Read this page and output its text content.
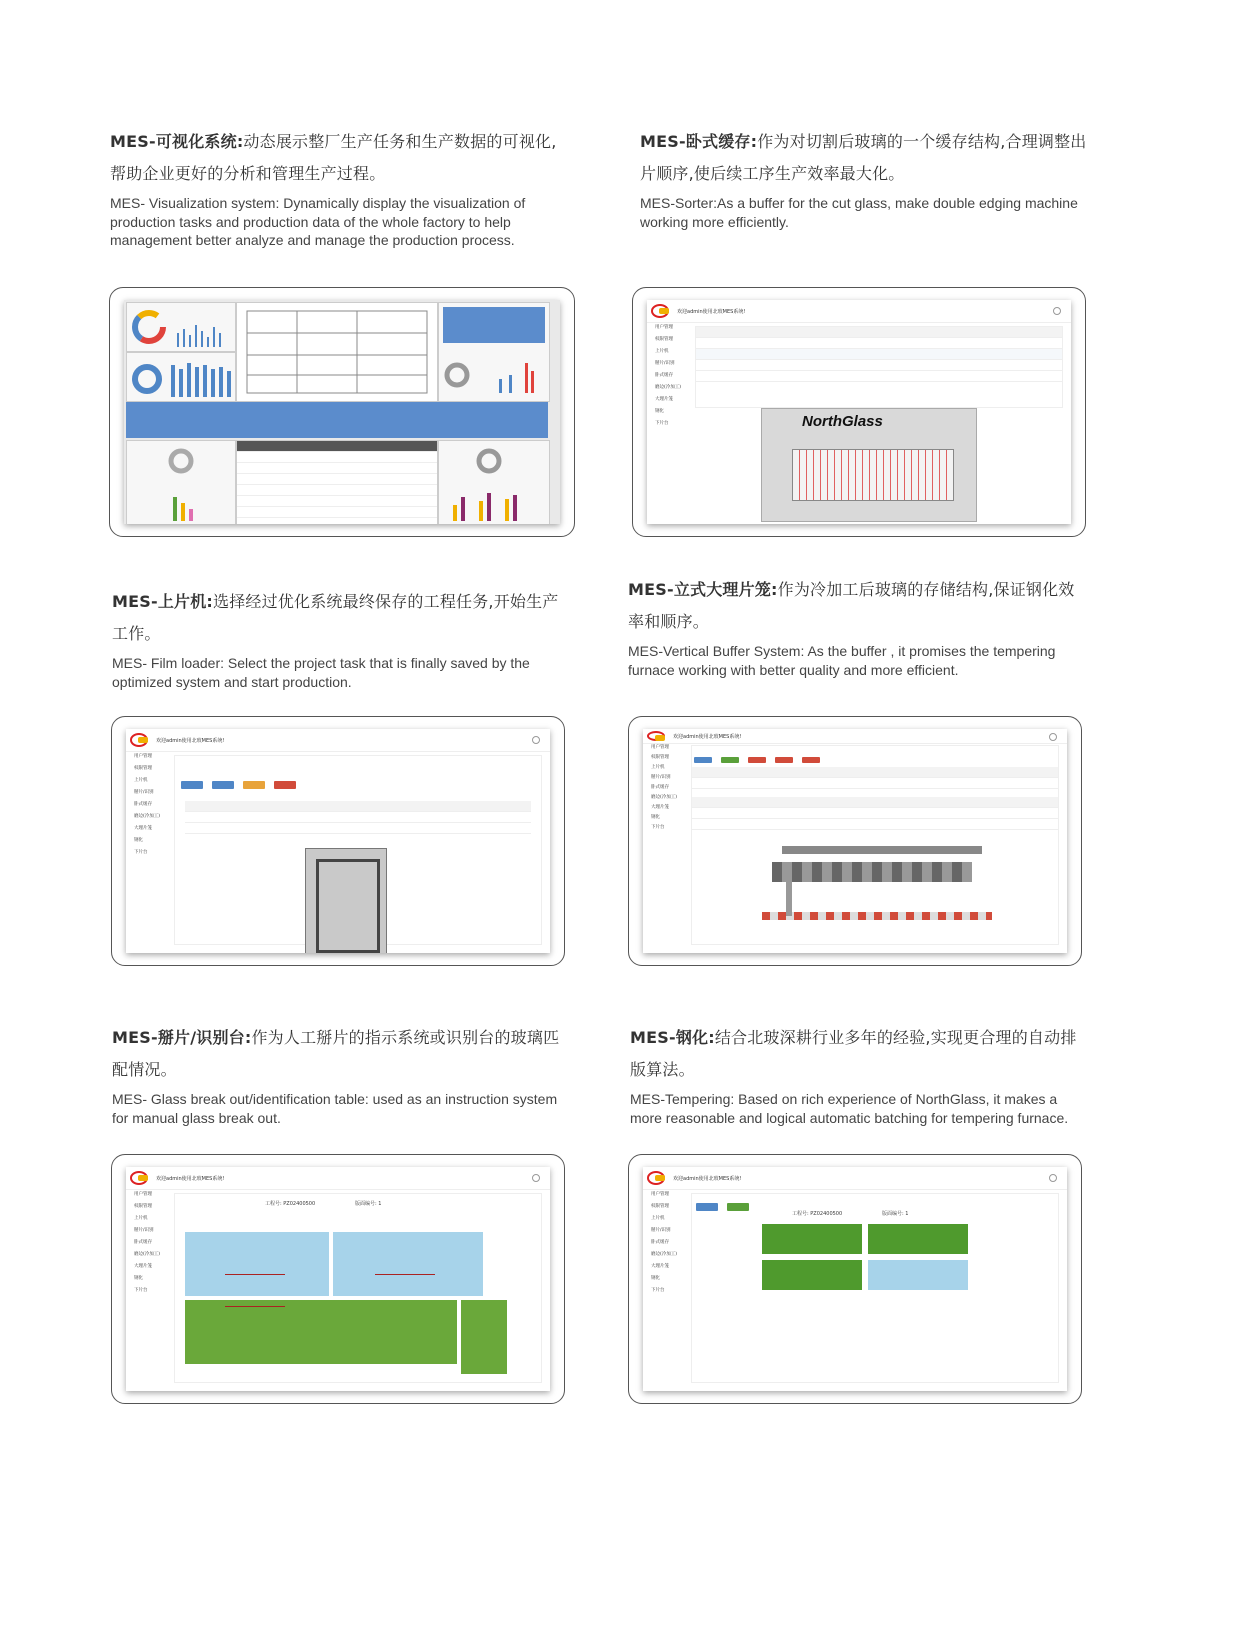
MES-可视化系统:动态展示整厂生产任务和生产数据的可视化,帮助企业更好的分析和管理生产过程。

MES- Visualization system: Dynamically display the visualization of production tasks and production data of the whole factory to help management better analyze and manage the production process.

MES-卧式缓存:作为对切割后玻璃的一个缓存结构,合理调整出片顺序,使后续工序生产效率最大化。

MES-Sorter:As a buffer for the cut glass, make double edging machine working more efficiently.

MES-上片机:选择经过优化系统最终保存的工程任务,开始生产工作。

MES- Film loader: Select the project task that is finally saved by the optimized system and start production.

MES-立式大理片笼:作为冷加工后玻璃的存储结构,保证钢化效率和顺序。

MES-Vertical Buffer System: As the buffer , it promises the tempering furnace working with better quality and more efficient.

MES-掰片/识别台:作为人工掰片的指示系统或识别台的玻璃匹配情况。

MES- Glass break out/identification table: used as an instruction system for manual glass break out.

MES-钢化:结合北玻深耕行业多年的经验,实现更合理的自动排版算法。

MES-Tempering: Based on rich experience of NorthGlass, it makes a more reasonable and logical automatic batching for tempering furnace.

欢迎admin使用北玻MES系统!
用户管理
权限管理
上片机
掰片/识别
卧式缓存
磨边(冷加工)
大理片笼
钢化
下片台	NorthGlass
欢迎admin使用北玻MES系统!
用户管理
权限管理
上片机
掰片/识别
卧式缓存
磨边(冷加工)
大理片笼
钢化
下片台

欢迎admin使用北玻MES系统!
用户管理
权限管理
上片机
掰片/识别
卧式缓存
磨边(冷加工)
大理片笼
钢化
下片台

欢迎admin使用北玻MES系统!
用户管理
权限管理
上片机
掰片/识别
卧式缓存
磨边(冷加工)
大理片笼
钢化
下片台
工程号: PZ02400500	版面编号: 1
欢迎admin使用北玻MES系统!
用户管理
权限管理
上片机
掰片/识别
卧式缓存
磨边(冷加工)
大理片笼
钢化
下片台

工程号: PZ02400500	版面编号: 1
